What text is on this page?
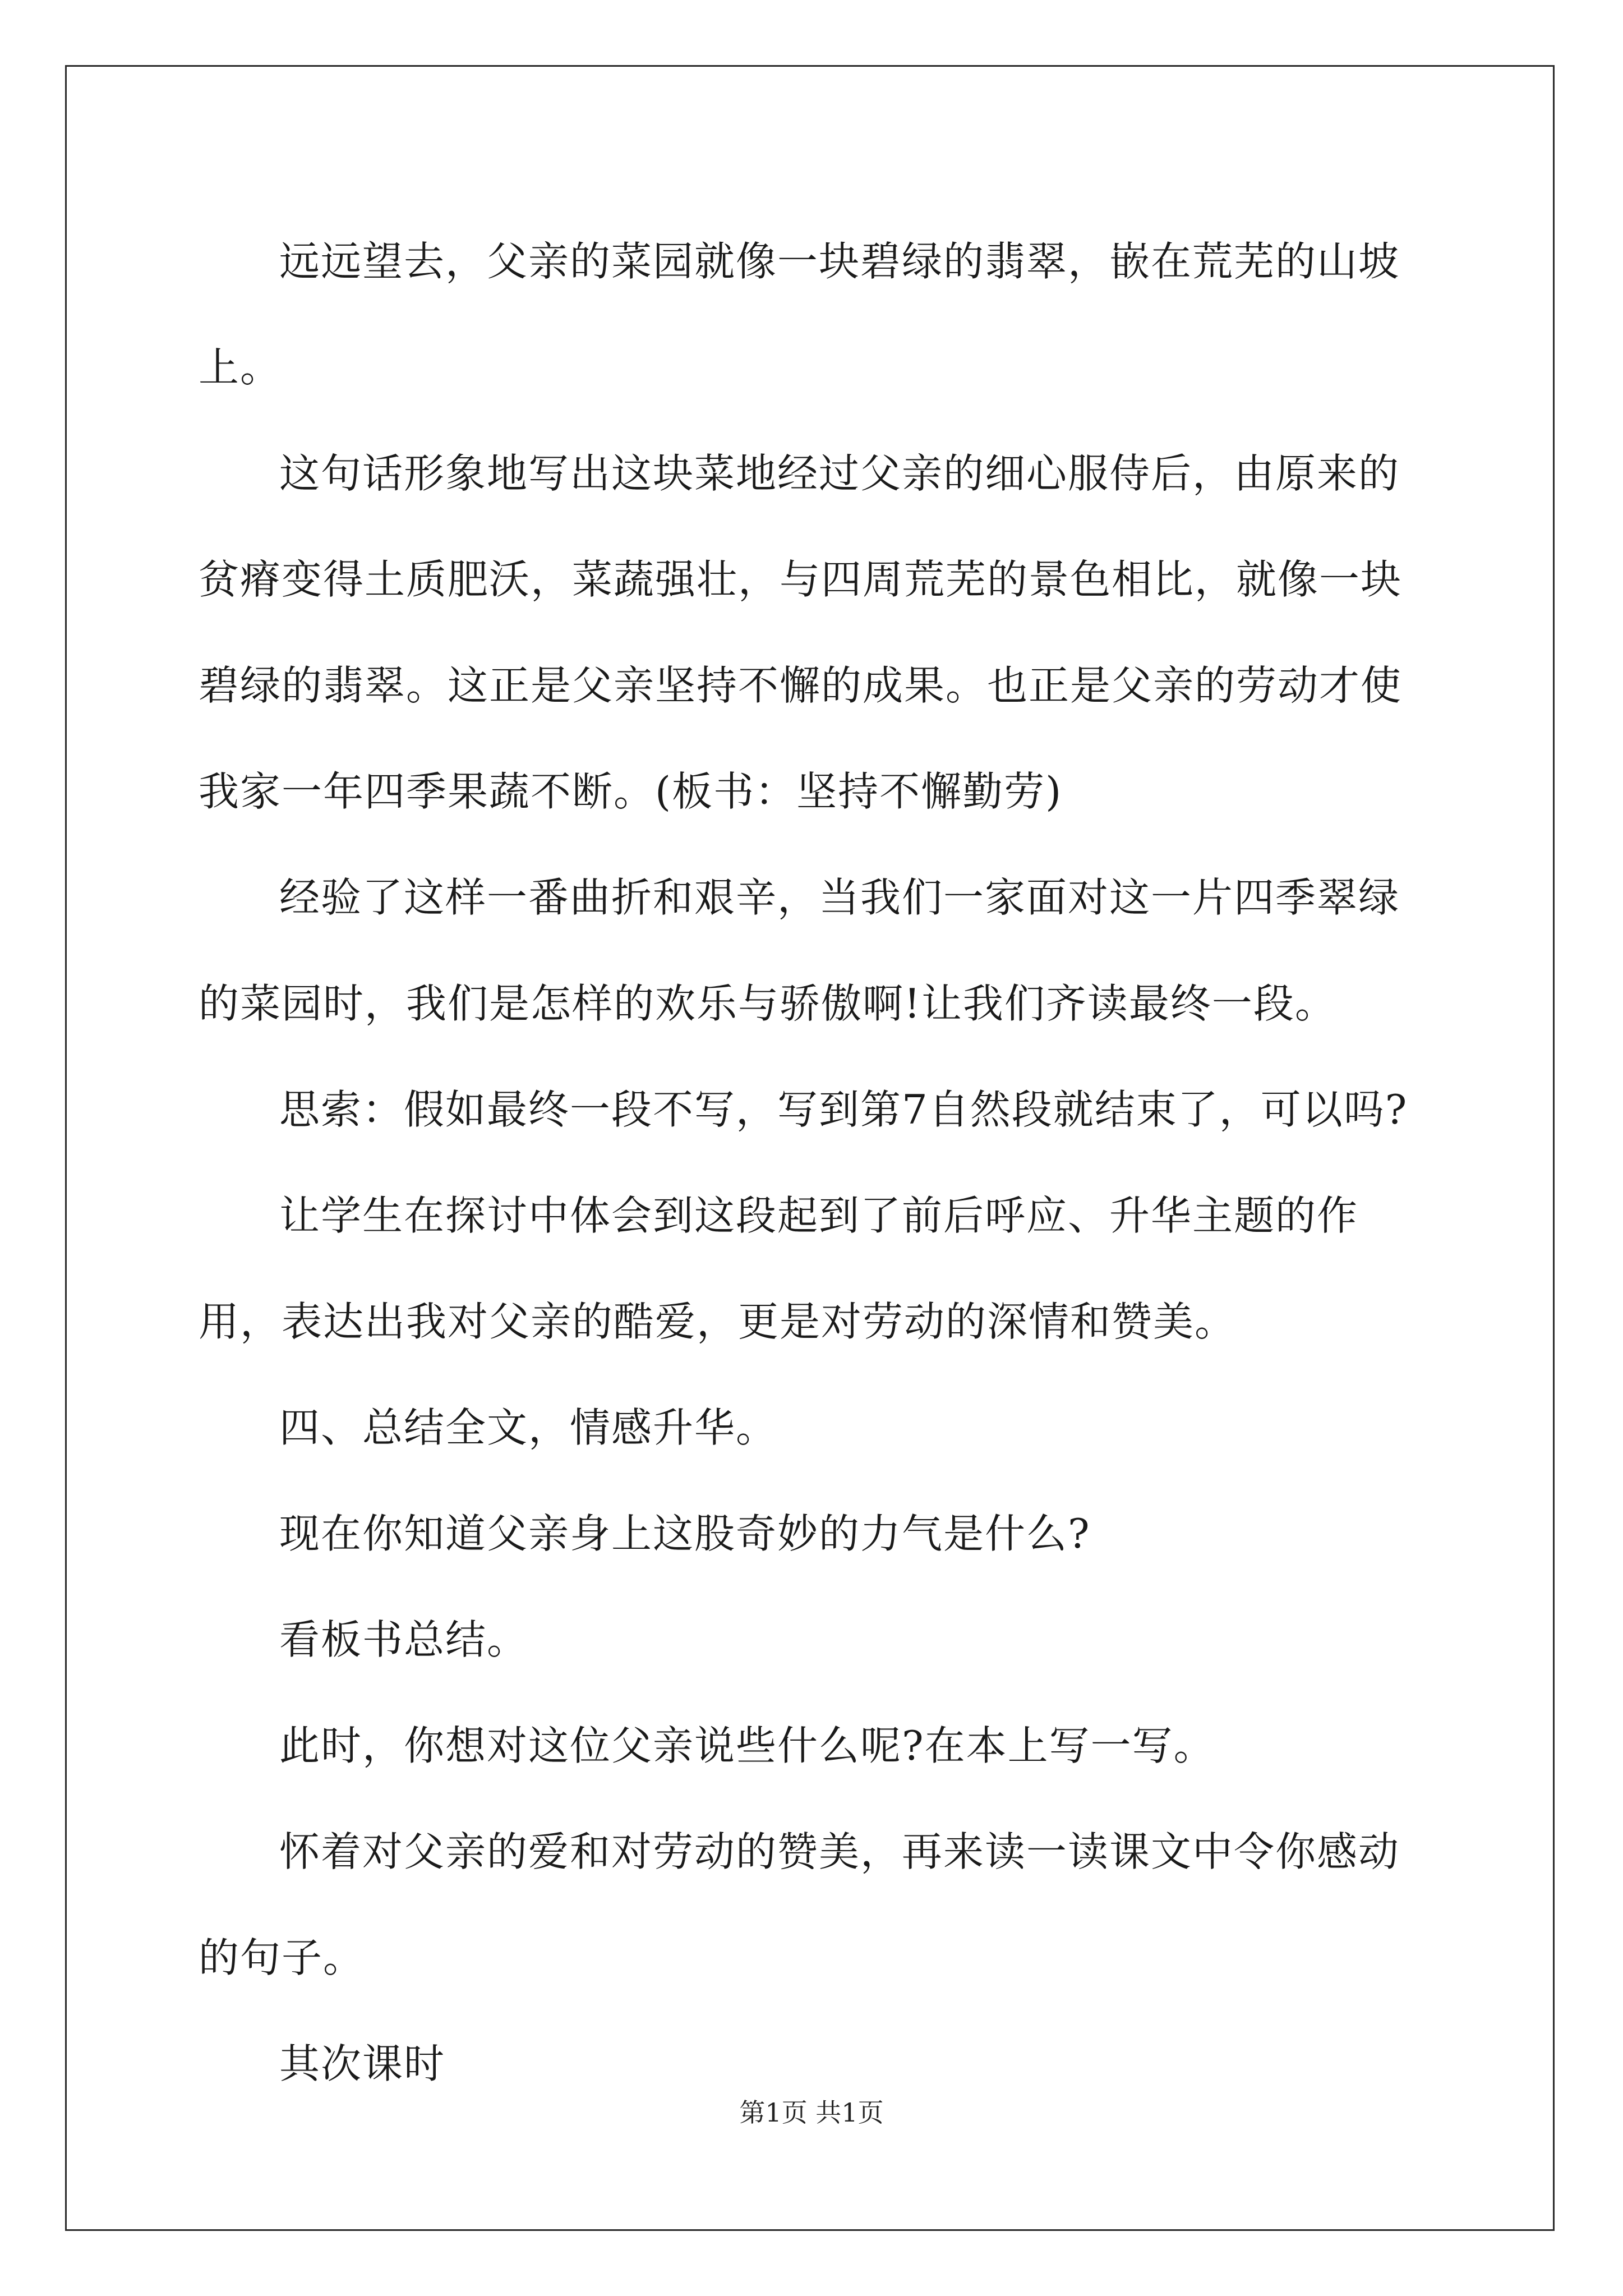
远远望去，父亲的菜园就像一块碧绿的翡翠，嵌在荒芜的山坡上。

这句话形象地写出这块菜地经过父亲的细心服侍后，由原来的贫瘠变得土质肥沃，菜蔬强壮，与四周荒芜的景色相比，就像一块碧绿的翡翠。这正是父亲坚持不懈的成果。也正是父亲的劳动才使我家一年四季果蔬不断。(板书：坚持不懈勤劳)

经验了这样一番曲折和艰辛，当我们一家面对这一片四季翠绿的菜园时，我们是怎样的欢乐与骄傲啊!让我们齐读最终一段。

思索：假如最终一段不写，写到第7自然段就结束了，可以吗?

让学生在探讨中体会到这段起到了前后呼应、升华主题的作用，表达出我对父亲的酷爱，更是对劳动的深情和赞美。

四、总结全文，情感升华。

现在你知道父亲身上这股奇妙的力气是什么?

看板书总结。

此时，你想对这位父亲说些什么呢?在本上写一写。

怀着对父亲的爱和对劳动的赞美，再来读一读课文中令你感动的句子。

其次课时

第1页 共1页
